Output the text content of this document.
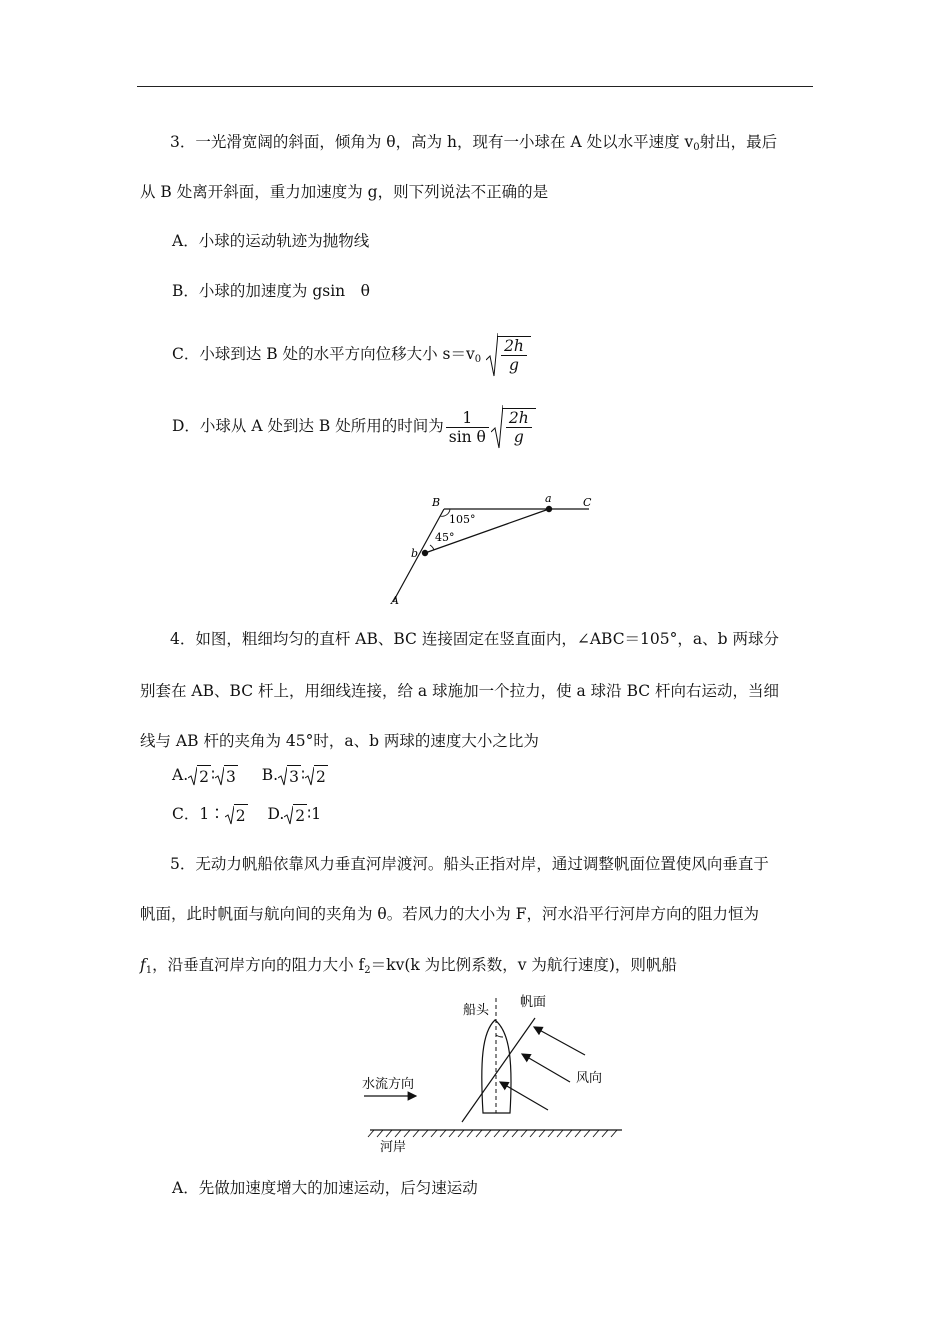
3．一光滑宽阔的斜面，倾角为 θ，高为 h，现有一小球在 A 处以水平速度 $v_0$射出，最后
从 B 处离开斜面，重力加速度为 g，则下列说法不正确的是
A．小球的运动轨迹为抛物线
B．小球的加速度为 gsin　θ
C．小球到达 B 处的水平方向位移大小 $s=v_0 \frac{2h}{g}$
D．小球从 A 处到达 B 处所用的时间为 $\frac{1}{\text{sin θ}} \frac{2h}{g}$
B	a	C
b
A
105°
45°
4．如图，粗细均匀的直杆 AB、BC 连接固定在竖直面内，∠ABC＝105°，a、b 两球分
别套在 AB、BC 杆上，用细线连接，给 a 球施加一个拉力，使 a 球沿 BC 杆向右运动，当细
线与 AB 杆的夹角为 45°时，a、b 两球的速度大小之比为
A. 2 ∶ 3 B. 3 ∶ 2
C．1∶ 2 D. 2 ∶1
5．无动力帆船依靠风力垂直河岸渡河。船头正指对岸，通过调整帆面位置使风向垂直于
帆面，此时帆面与航向间的夹角为 θ。若风力的大小为 F，河水沿平行河岸方向的阻力恒为
$f_1$，沿垂直河岸方向的阻力大小 $f_2=kv(k$ 为比例系数，v 为航行速度)，则帆船
船头
帆面
风向
水流方向
河岸
A．先做加速度增大的加速运动，后匀速运动
